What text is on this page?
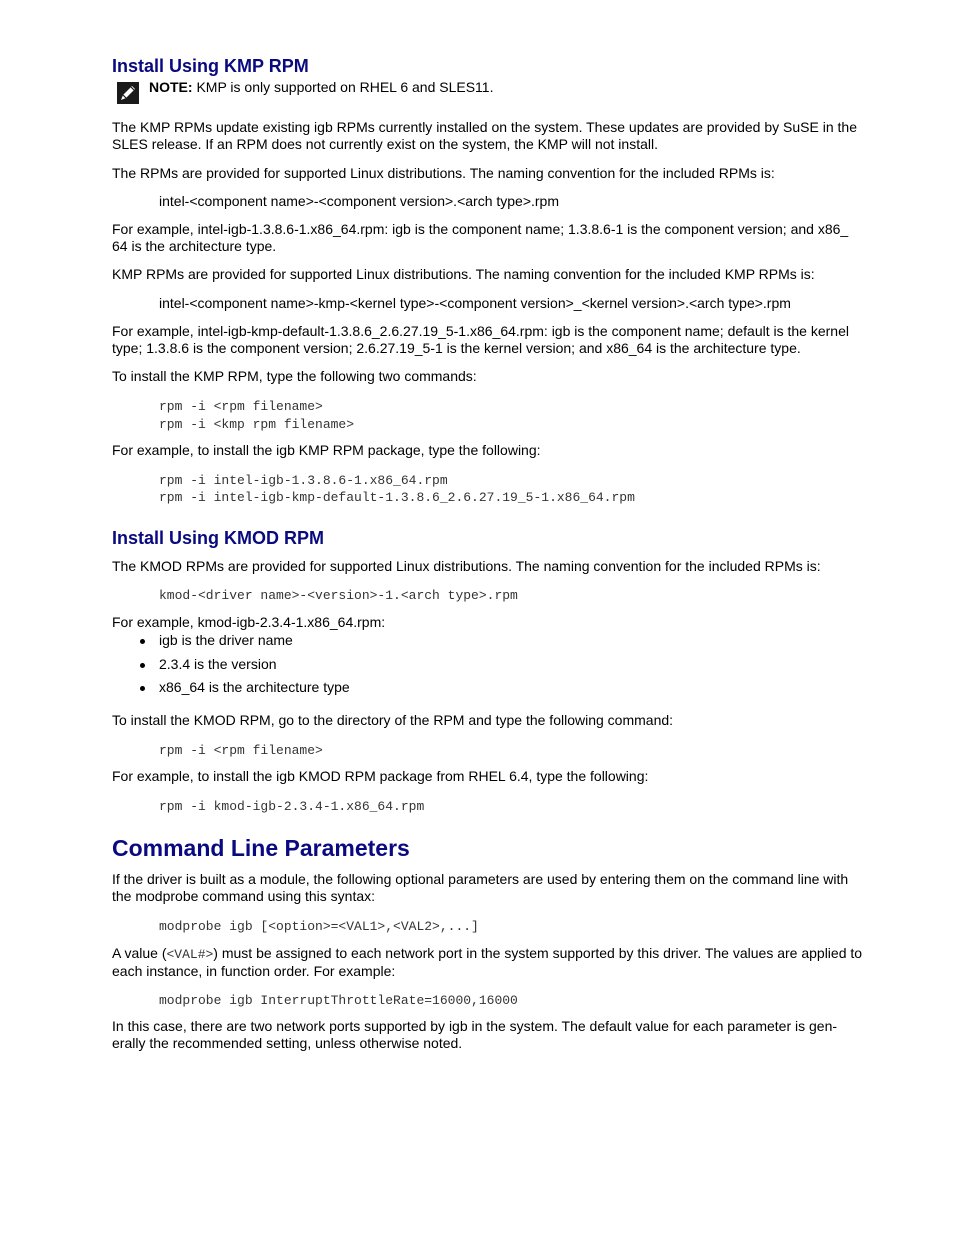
Install Using KMP RPM
NOTE: KMP is only supported on RHEL 6 and SLES11.
The KMP RPMs update existing igb RPMs currently installed on the system. These updates are provided by SuSE in the SLES release. If an RPM does not currently exist on the system, the KMP will not install.
The RPMs are provided for supported Linux distributions. The naming convention for the included RPMs is:
intel-<component name>-<component version>.<arch type>.rpm
For example, intel-igb-1.3.8.6-1.x86_64.rpm: igb is the component name; 1.3.8.6-1 is the component version; and x86_ 64 is the architecture type.
KMP RPMs are provided for supported Linux distributions. The naming convention for the included KMP RPMs is:
intel-<component name>-kmp-<kernel type>-<component version>_<kernel version>.<arch type>.rpm
For example, intel-igb-kmp-default-1.3.8.6_2.6.27.19_5-1.x86_64.rpm: igb is the component name; default is the kernel type; 1.3.8.6 is the component version; 2.6.27.19_5-1 is the kernel version; and x86_64 is the architecture type.
To install the KMP RPM, type the following two commands:
rpm -i <rpm filename>
rpm -i <kmp rpm filename>
For example, to install the igb KMP RPM package, type the following:
rpm -i intel-igb-1.3.8.6-1.x86_64.rpm
rpm -i intel-igb-kmp-default-1.3.8.6_2.6.27.19_5-1.x86_64.rpm
Install Using KMOD RPM
The KMOD RPMs are provided for supported Linux distributions. The naming convention for the included RPMs is:
kmod-<driver name>-<version>-1.<arch type>.rpm
For example, kmod-igb-2.3.4-1.x86_64.rpm:
igb is the driver name
2.3.4 is the version
x86_64 is the architecture type
To install the KMOD RPM, go to the directory of the RPM and type the following command:
rpm -i <rpm filename>
For example, to install the igb KMOD RPM package from RHEL 6.4, type the following:
rpm -i kmod-igb-2.3.4-1.x86_64.rpm
Command Line Parameters
If the driver is built as a module, the following optional parameters are used by entering them on the command line with the modprobe command using this syntax:
modprobe igb [<option>=<VAL1>,<VAL2>,...]
A value (<VAL#>) must be assigned to each network port in the system supported by this driver. The values are applied to each instance, in function order. For example:
modprobe igb InterruptThrottleRate=16000,16000
In this case, there are two network ports supported by igb in the system. The default value for each parameter is gen- erally the recommended setting, unless otherwise noted.
